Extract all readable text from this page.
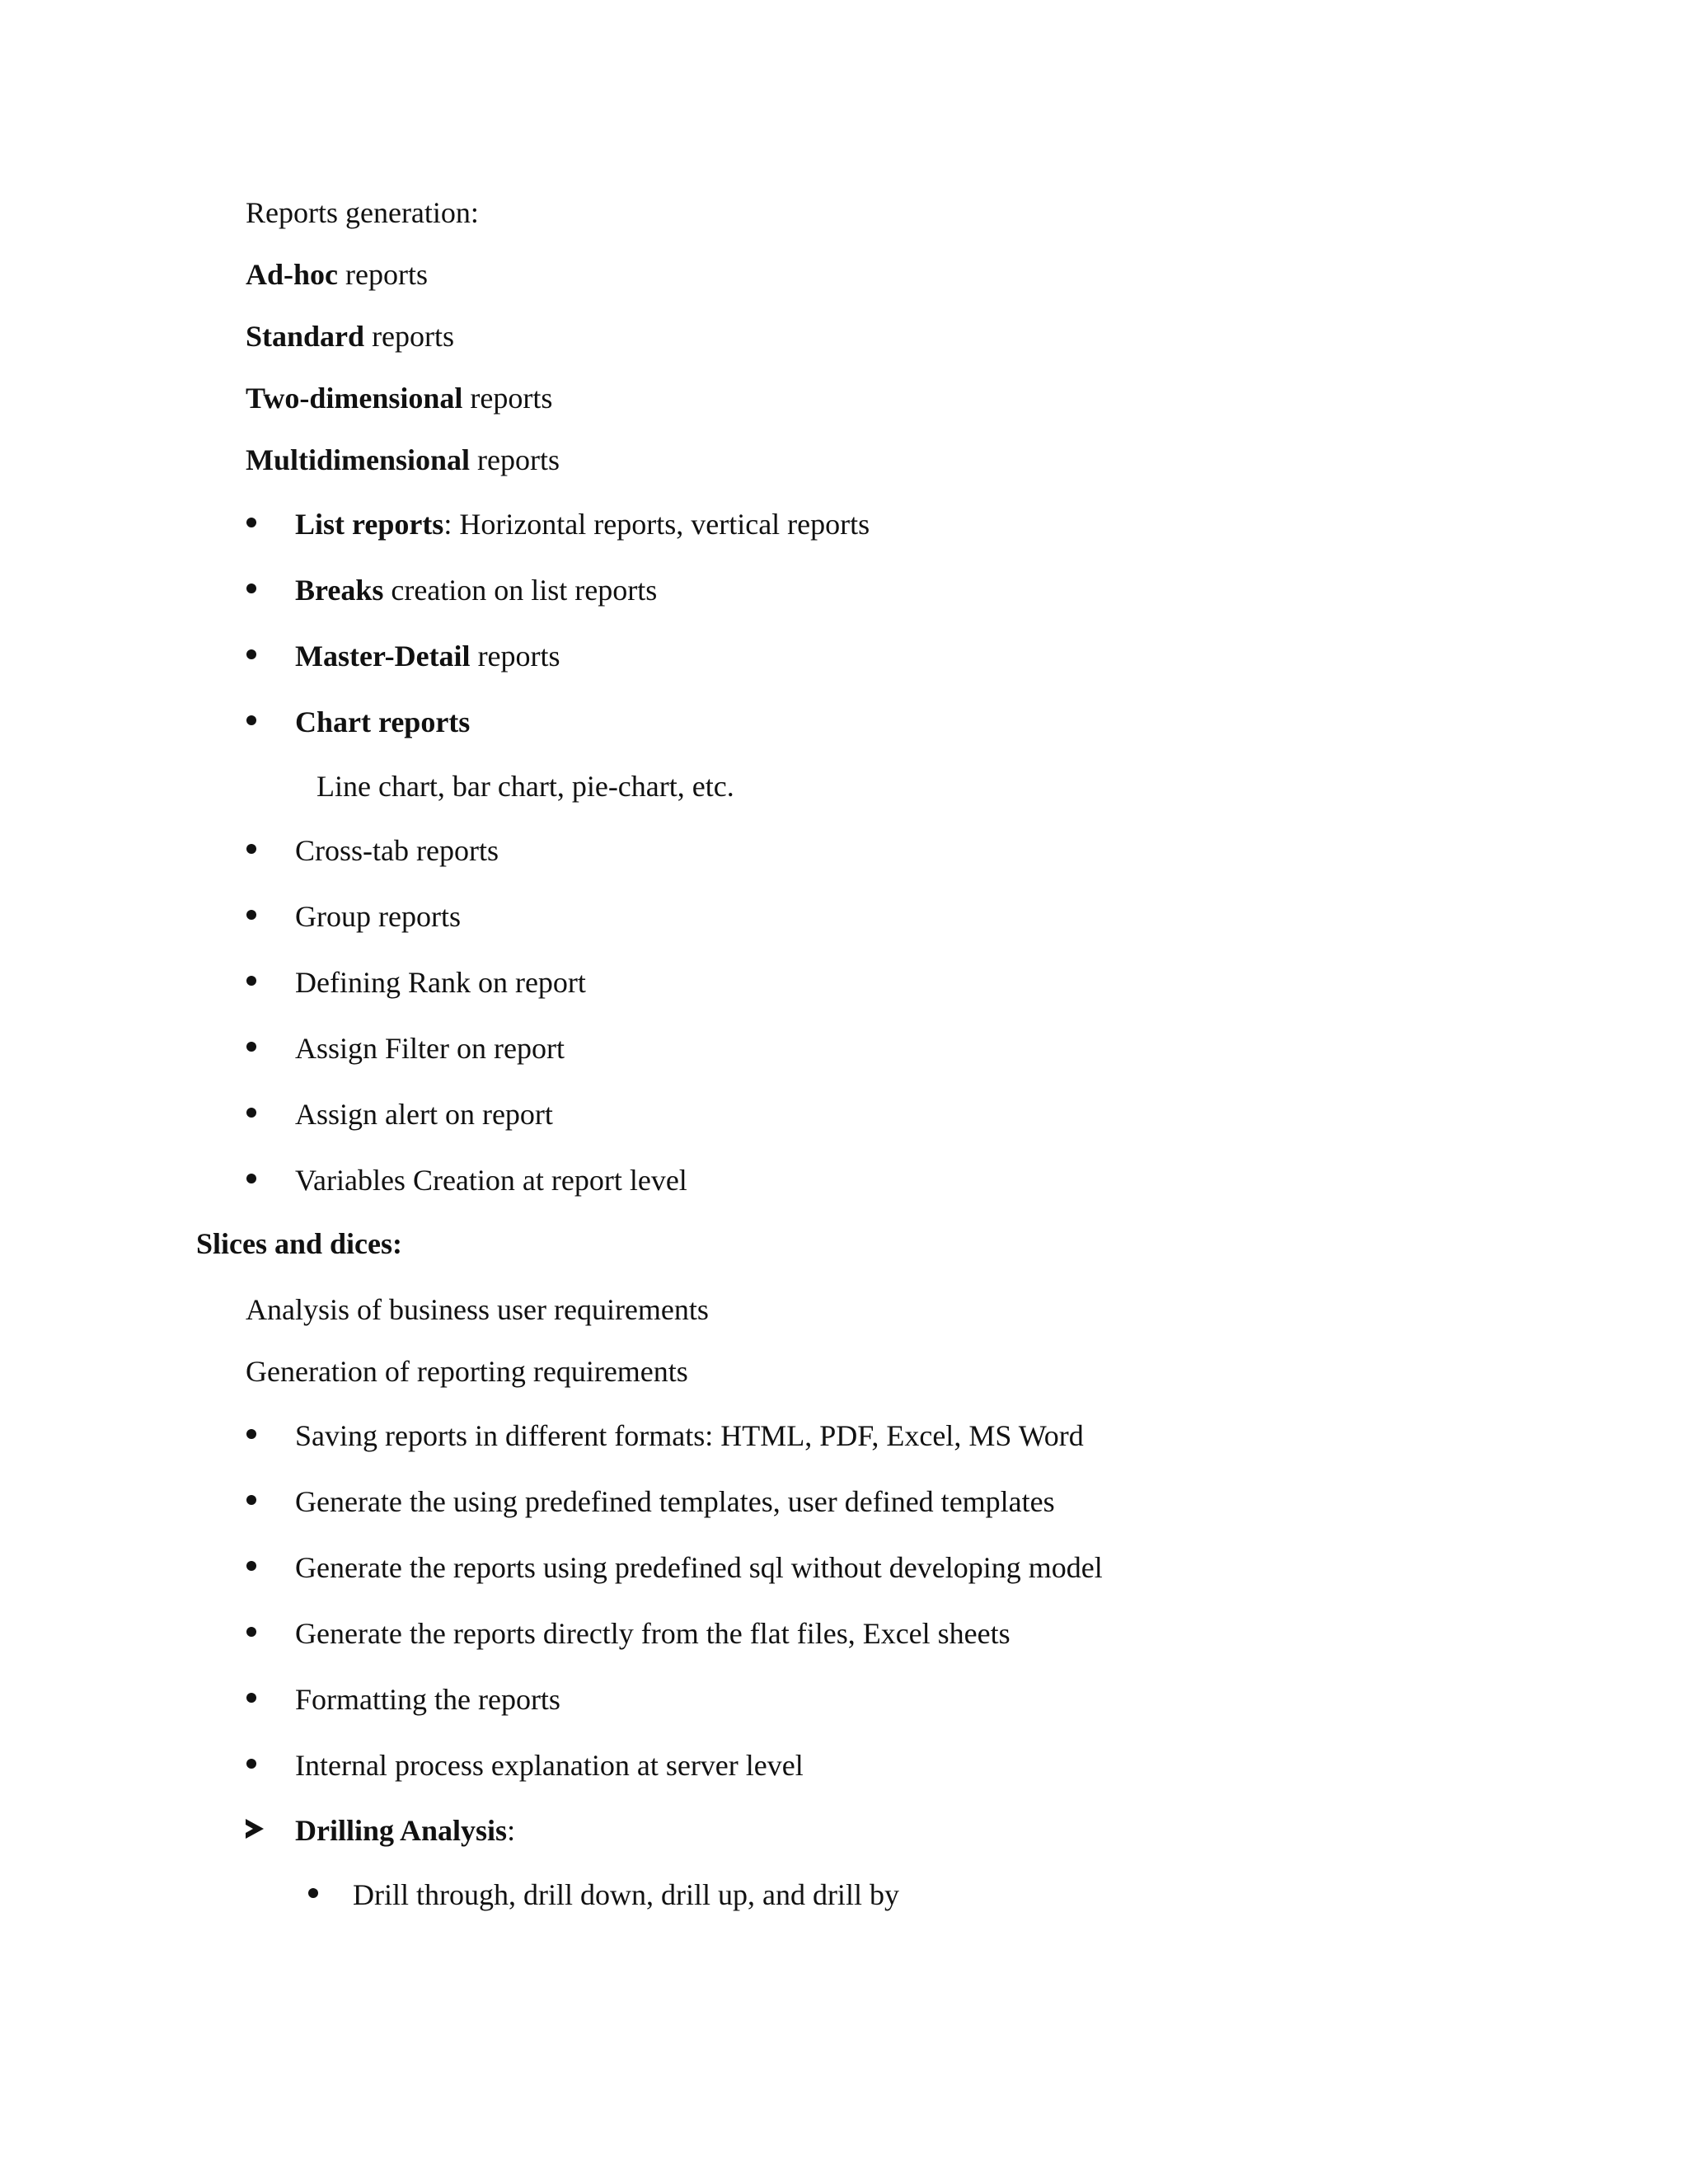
Reports generation:
Ad-hoc reports
Standard reports
Two-dimensional reports
Multidimensional reports
List reports: Horizontal reports, vertical reports
Breaks creation on list reports
Master-Detail reports
Chart reports
Line chart, bar chart, pie-chart, etc.
Cross-tab reports
Group reports
Defining Rank on report
Assign Filter on report
Assign alert on report
Variables Creation at report level
Slices and dices:
Analysis of business user requirements
Generation of reporting requirements
Saving reports in different formats: HTML, PDF, Excel, MS Word
Generate the using predefined templates, user defined templates
Generate the reports using predefined sql without developing model
Generate the reports directly from the flat files, Excel sheets
Formatting the reports
Internal process explanation at server level
Drilling Analysis:
Drill through, drill down, drill up, and drill by
